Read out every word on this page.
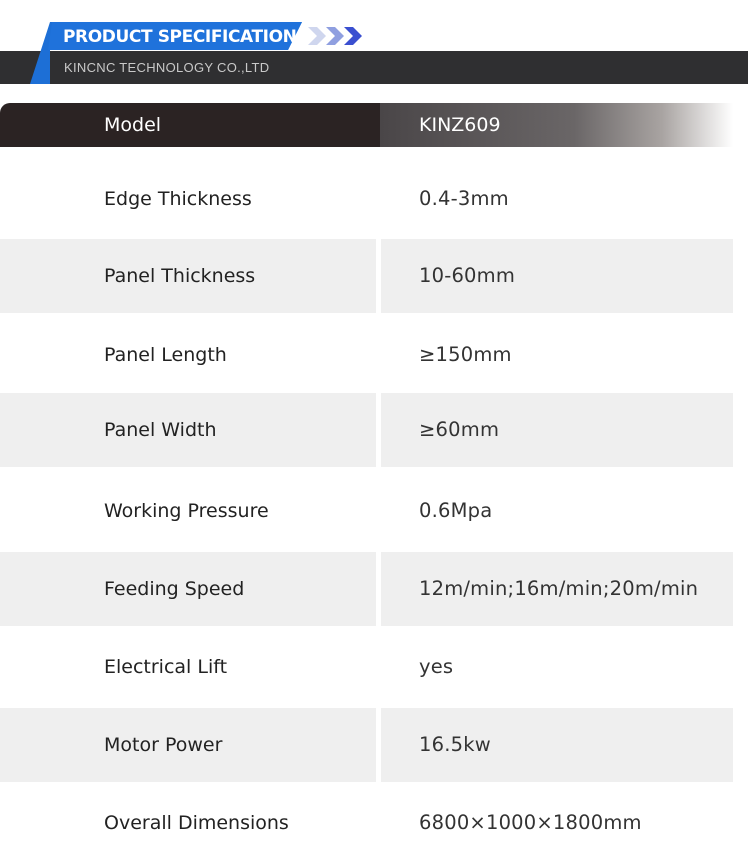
PRODUCT SPECIFICATION
KINCNC TECHNOLOGY CO.,LTD
Model	KINZ609
Edge Thickness	0.4-3mm
Panel Thickness	10-60mm
Panel Length	≥150mm
Panel Width	≥60mm
Working Pressure	0.6Mpa
Feeding Speed	12m/min;16m/min;20m/min
Electrical Lift	yes
Motor Power	16.5kw
Overall Dimensions	6800×1000×1800mm
